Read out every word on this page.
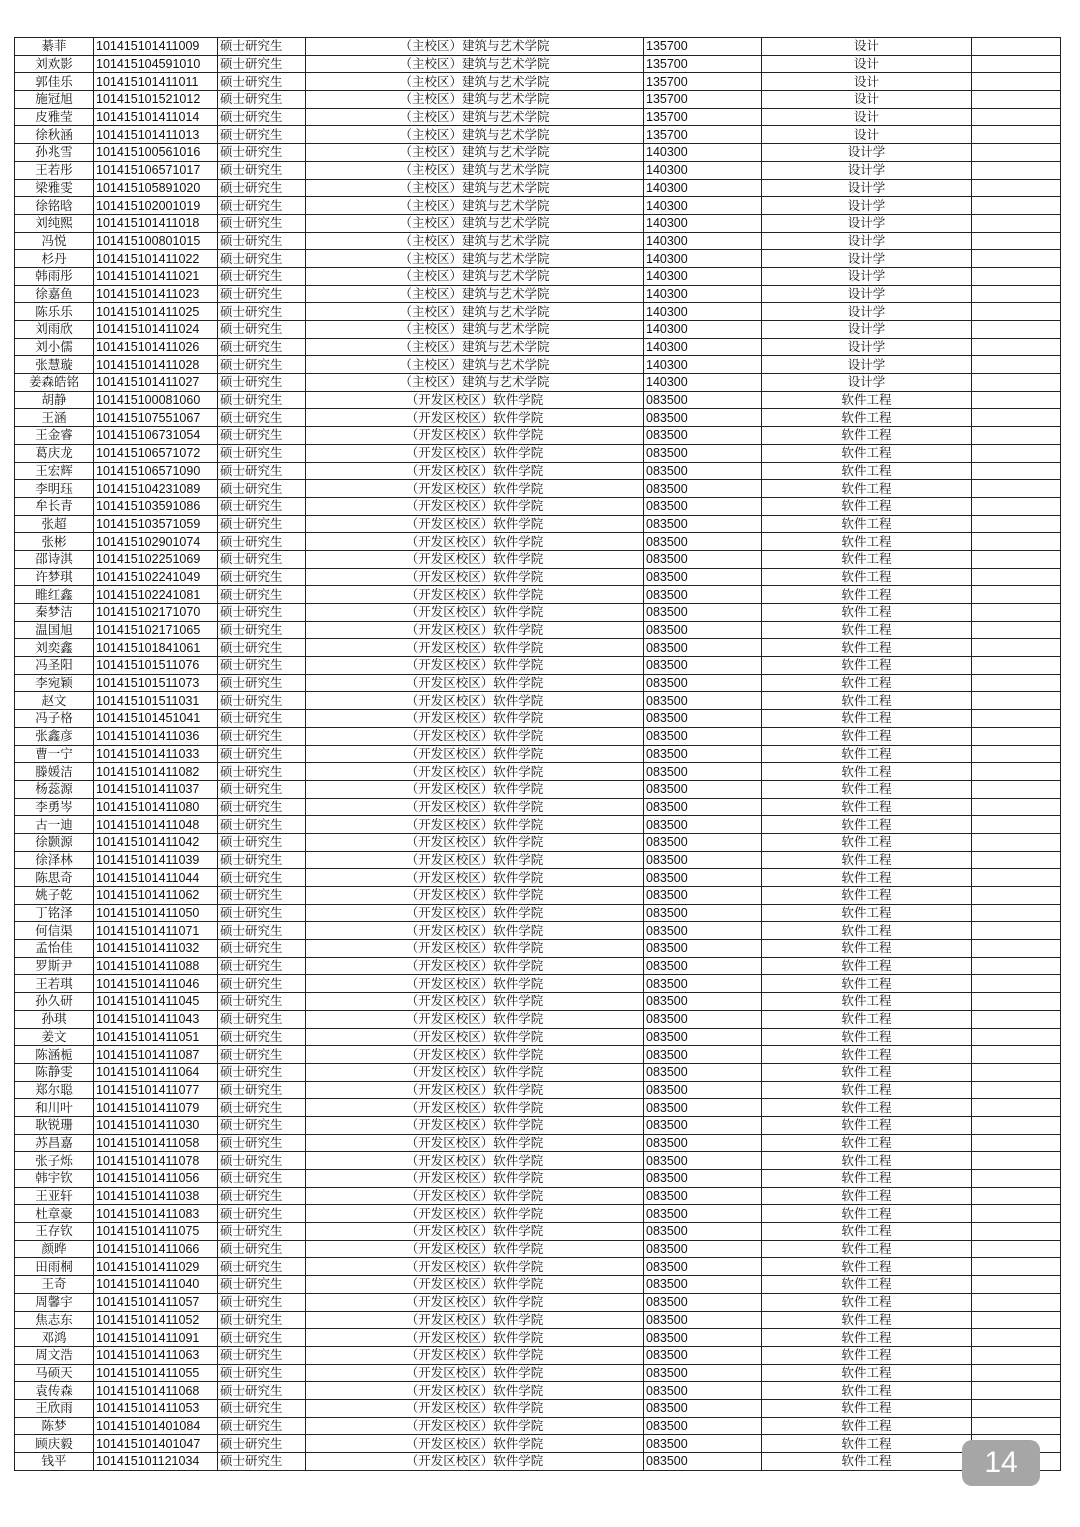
綦菲	101415101411009	硕士研究生	（主校区）建筑与艺术学院	135700	设计	
刘欢影	101415104591010	硕士研究生	（主校区）建筑与艺术学院	135700	设计	
郭佳乐	101415101411011	硕士研究生	（主校区）建筑与艺术学院	135700	设计	
施冠旭	101415101521012	硕士研究生	（主校区）建筑与艺术学院	135700	设计	
皮雅莹	101415101411014	硕士研究生	（主校区）建筑与艺术学院	135700	设计	
徐秋涵	101415101411013	硕士研究生	（主校区）建筑与艺术学院	135700	设计	
孙兆雪	101415100561016	硕士研究生	（主校区）建筑与艺术学院	140300	设计学	
王若彤	101415106571017	硕士研究生	（主校区）建筑与艺术学院	140300	设计学	
梁雅雯	101415105891020	硕士研究生	（主校区）建筑与艺术学院	140300	设计学	
徐铭晗	101415102001019	硕士研究生	（主校区）建筑与艺术学院	140300	设计学	
刘纯熙	101415101411018	硕士研究生	（主校区）建筑与艺术学院	140300	设计学	
冯悦	101415100801015	硕士研究生	（主校区）建筑与艺术学院	140300	设计学	
杉丹	101415101411022	硕士研究生	（主校区）建筑与艺术学院	140300	设计学	
韩雨彤	101415101411021	硕士研究生	（主校区）建筑与艺术学院	140300	设计学	
徐嘉鱼	101415101411023	硕士研究生	（主校区）建筑与艺术学院	140300	设计学	
陈乐乐	101415101411025	硕士研究生	（主校区）建筑与艺术学院	140300	设计学	
刘雨欣	101415101411024	硕士研究生	（主校区）建筑与艺术学院	140300	设计学	
刘小儒	101415101411026	硕士研究生	（主校区）建筑与艺术学院	140300	设计学	
张慧璇	101415101411028	硕士研究生	（主校区）建筑与艺术学院	140300	设计学	
姜森皓铭	101415101411027	硕士研究生	（主校区）建筑与艺术学院	140300	设计学	
胡静	101415100081060	硕士研究生	（开发区校区）软件学院	083500	软件工程	
王涵	101415107551067	硕士研究生	（开发区校区）软件学院	083500	软件工程	
王金睿	101415106731054	硕士研究生	（开发区校区）软件学院	083500	软件工程	
葛庆龙	101415106571072	硕士研究生	（开发区校区）软件学院	083500	软件工程	
王宏辉	101415106571090	硕士研究生	（开发区校区）软件学院	083500	软件工程	
李明珏	101415104231089	硕士研究生	（开发区校区）软件学院	083500	软件工程	
牟长青	101415103591086	硕士研究生	（开发区校区）软件学院	083500	软件工程	
张超	101415103571059	硕士研究生	（开发区校区）软件学院	083500	软件工程	
张彬	101415102901074	硕士研究生	（开发区校区）软件学院	083500	软件工程	
邵诗淇	101415102251069	硕士研究生	（开发区校区）软件学院	083500	软件工程	
许梦琪	101415102241049	硕士研究生	（开发区校区）软件学院	083500	软件工程	
睢红鑫	101415102241081	硕士研究生	（开发区校区）软件学院	083500	软件工程	
秦梦洁	101415102171070	硕士研究生	（开发区校区）软件学院	083500	软件工程	
温国旭	101415102171065	硕士研究生	（开发区校区）软件学院	083500	软件工程	
刘奕鑫	101415101841061	硕士研究生	（开发区校区）软件学院	083500	软件工程	
冯圣阳	101415101511076	硕士研究生	（开发区校区）软件学院	083500	软件工程	
李宛颖	101415101511073	硕士研究生	（开发区校区）软件学院	083500	软件工程	
赵文	101415101511031	硕士研究生	（开发区校区）软件学院	083500	软件工程	
冯子格	101415101451041	硕士研究生	（开发区校区）软件学院	083500	软件工程	
张鑫彦	101415101411036	硕士研究生	（开发区校区）软件学院	083500	软件工程	
曹一宁	101415101411033	硕士研究生	（开发区校区）软件学院	083500	软件工程	
滕媛洁	101415101411082	硕士研究生	（开发区校区）软件学院	083500	软件工程	
杨蕊源	101415101411037	硕士研究生	（开发区校区）软件学院	083500	软件工程	
李勇岑	101415101411080	硕士研究生	（开发区校区）软件学院	083500	软件工程	
古一迪	101415101411048	硕士研究生	（开发区校区）软件学院	083500	软件工程	
徐颢源	101415101411042	硕士研究生	（开发区校区）软件学院	083500	软件工程	
徐泽林	101415101411039	硕士研究生	（开发区校区）软件学院	083500	软件工程	
陈思奇	101415101411044	硕士研究生	（开发区校区）软件学院	083500	软件工程	
姚子乾	101415101411062	硕士研究生	（开发区校区）软件学院	083500	软件工程	
丁铭泽	101415101411050	硕士研究生	（开发区校区）软件学院	083500	软件工程	
何信渠	101415101411071	硕士研究生	（开发区校区）软件学院	083500	软件工程	
孟怡佳	101415101411032	硕士研究生	（开发区校区）软件学院	083500	软件工程	
罗斯尹	101415101411088	硕士研究生	（开发区校区）软件学院	083500	软件工程	
王若琪	101415101411046	硕士研究生	（开发区校区）软件学院	083500	软件工程	
孙久研	101415101411045	硕士研究生	（开发区校区）软件学院	083500	软件工程	
孙琪	101415101411043	硕士研究生	（开发区校区）软件学院	083500	软件工程	
姜文	101415101411051	硕士研究生	（开发区校区）软件学院	083500	软件工程	
陈涵栀	101415101411087	硕士研究生	（开发区校区）软件学院	083500	软件工程	
陈静雯	101415101411064	硕士研究生	（开发区校区）软件学院	083500	软件工程	
郑尔聪	101415101411077	硕士研究生	（开发区校区）软件学院	083500	软件工程	
和川叶	101415101411079	硕士研究生	（开发区校区）软件学院	083500	软件工程	
耿锐珊	101415101411030	硕士研究生	（开发区校区）软件学院	083500	软件工程	
苏昌嘉	101415101411058	硕士研究生	（开发区校区）软件学院	083500	软件工程	
张子烁	101415101411078	硕士研究生	（开发区校区）软件学院	083500	软件工程	
韩宇钦	101415101411056	硕士研究生	（开发区校区）软件学院	083500	软件工程	
王亚轩	101415101411038	硕士研究生	（开发区校区）软件学院	083500	软件工程	
杜章豪	101415101411083	硕士研究生	（开发区校区）软件学院	083500	软件工程	
王存钦	101415101411075	硕士研究生	（开发区校区）软件学院	083500	软件工程	
颜晔	101415101411066	硕士研究生	（开发区校区）软件学院	083500	软件工程	
田雨桐	101415101411029	硕士研究生	（开发区校区）软件学院	083500	软件工程	
王奇	101415101411040	硕士研究生	（开发区校区）软件学院	083500	软件工程	
周馨宇	101415101411057	硕士研究生	（开发区校区）软件学院	083500	软件工程	
焦志东	101415101411052	硕士研究生	（开发区校区）软件学院	083500	软件工程	
邓鸿	101415101411091	硕士研究生	（开发区校区）软件学院	083500	软件工程	
周文浩	101415101411063	硕士研究生	（开发区校区）软件学院	083500	软件工程	
马硕天	101415101411055	硕士研究生	（开发区校区）软件学院	083500	软件工程	
袁传森	101415101411068	硕士研究生	（开发区校区）软件学院	083500	软件工程	
王欣雨	101415101411053	硕士研究生	（开发区校区）软件学院	083500	软件工程	
陈梦	101415101401084	硕士研究生	（开发区校区）软件学院	083500	软件工程	
顾庆毅	101415101401047	硕士研究生	（开发区校区）软件学院	083500	软件工程	
钱平	101415101121034	硕士研究生	（开发区校区）软件学院	083500	软件工程		14
